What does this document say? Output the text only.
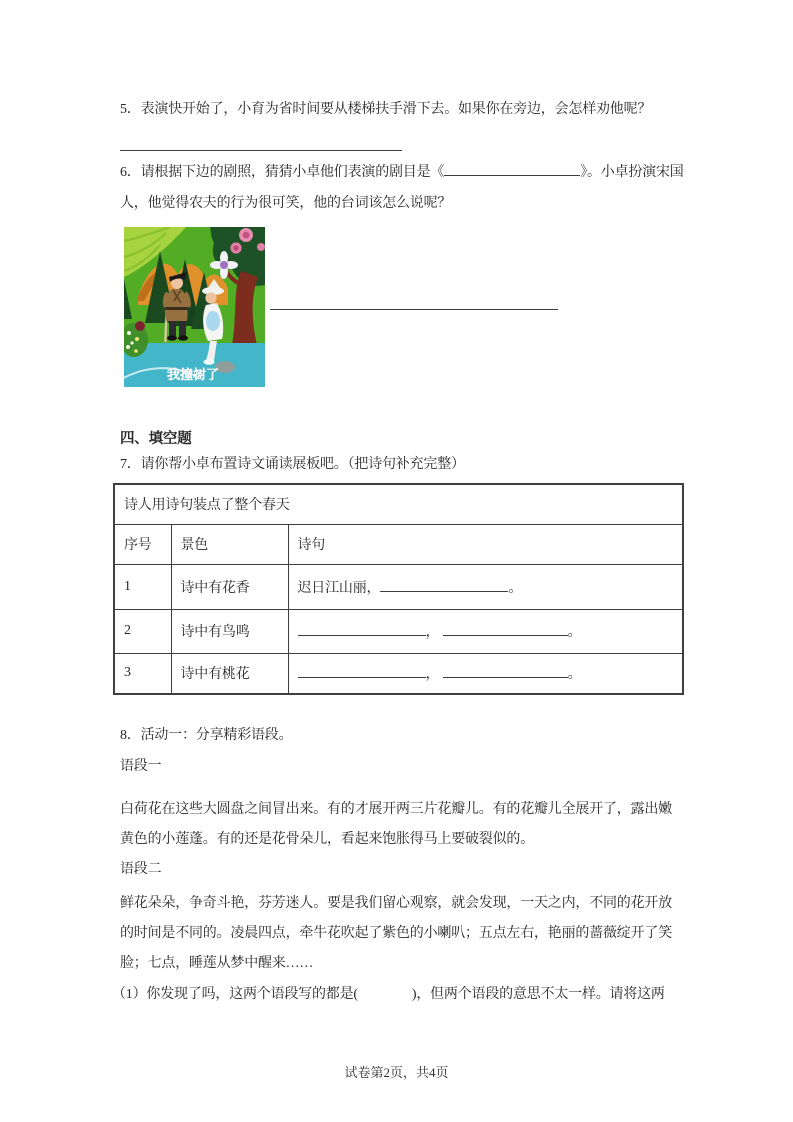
5．表演快开始了，小育为省时间要从楼梯扶手滑下去。如果你在旁边，会怎样劝他呢？
6．请根据下边的剧照，猜猜小卓他们表演的剧目是《	》。小卓扮演宋国
人，他觉得农夫的行为很可笑，他的台词该怎么说呢？
我撞树了
四、填空题
7．请你帮小卓布置诗文诵读展板吧。（把诗句补充完整）
诗人用诗句装点了整个春天		
序号	景色	诗句
1	诗中有花香	迟日江山丽， 。
2	诗中有鸟鸣	， 。
3	诗中有桃花	， 。
8．活动一：分享精彩语段。
语段一
白荷花在这些大圆盘之间冒出来。有的才展开两三片花瓣儿。有的花瓣儿全展开了，露出嫩
黄色的小莲蓬。有的还是花骨朵儿，看起来饱胀得马上要破裂似的。
语段二
鲜花朵朵，争奇斗艳，芬芳迷人。要是我们留心观察，就会发现，一天之内，不同的花开放
的时间是不同的。凌晨四点，牵牛花吹起了紫色的小喇叭；五点左右，艳丽的蔷薇绽开了笑
脸；七点，睡莲从梦中醒来……
（1）你发现了吗，这两个语段写的都是(	)，但两个语段的意思不太一样。请将这两
试卷第2页，共4页
